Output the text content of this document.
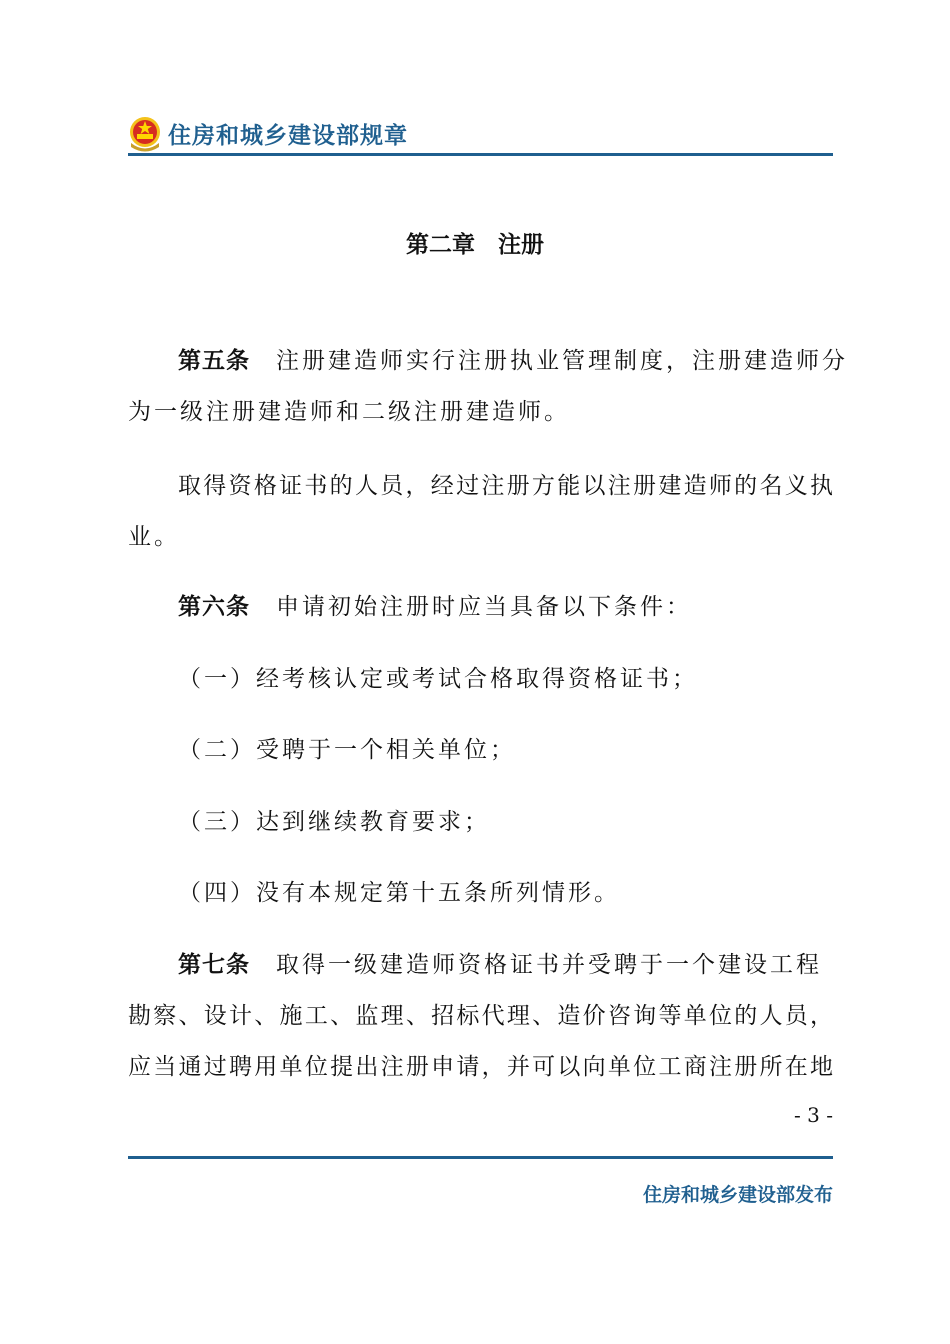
住房和城乡建设部规章
第二章　注册
第五条 注册建造师实行注册执业管理制度，注册建造师分
为一级注册建造师和二级注册建造师。
取得资格证书的人员，经过注册方能以注册建造师的名义执
业。
第六条 申请初始注册时应当具备以下条件：
（一）经考核认定或考试合格取得资格证书；
（二）受聘于一个相关单位；
（三）达到继续教育要求；
（四）没有本规定第十五条所列情形。
第七条 取得一级建造师资格证书并受聘于一个建设工程
勘察、设计、施工、监理、招标代理、造价咨询等单位的人员，
应当通过聘用单位提出注册申请，并可以向单位工商注册所在地
- 3 -
住房和城乡建设部发布
